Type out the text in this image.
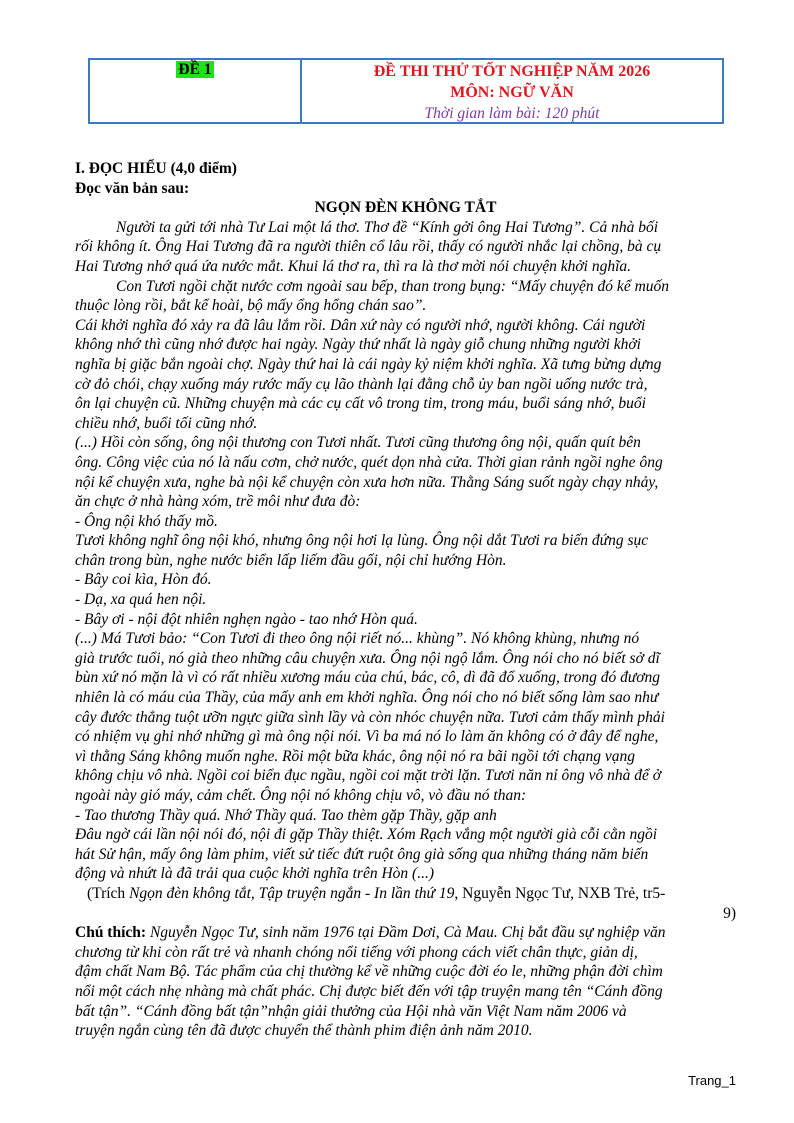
ĐỀ 1	ĐỀ THI THỬ TỐT NGHIỆP NĂM 2026
MÔN: NGỮ VĂN
Thời gian làm bài: 120 phút
I. ĐỌC HIỂU (4,0 điểm)
Đọc văn bản sau:
NGỌN ĐÈN KHÔNG TẮT
Người ta gửi tới nhà Tư Lai một lá thơ. Thơ đề “Kính gởi ông Hai Tương”. Cả nhà bối
rối không ít. Ông Hai Tương đã ra người thiên cổ lâu rồi, thấy có người nhắc lại chồng, bà cụ
Hai Tương nhớ quá ứa nước mắt. Khui lá thơ ra, thì ra là thơ mời nói chuyện khởi nghĩa.
Con Tươi ngồi chặt nước cơm ngoài sau bếp, than trong bụng: “Mấy chuyện đó kể muốn
thuộc lòng rồi, bắt kể hoài, bộ mấy ổng hổng chán sao”.
Cái khởi nghĩa đó xảy ra đã lâu lắm rồi. Dân xứ này có người nhớ, người không. Cái người
không nhớ thì cũng nhớ được hai ngày. Ngày thứ nhất là ngày giỗ chung những người khởi
nghĩa bị giặc bắn ngoài chợ. Ngày thứ hai là cái ngày kỷ niệm khởi nghĩa. Xã tưng bừng dựng
cờ đỏ chói, chạy xuống máy rước mấy cụ lão thành lại đằng chỗ ủy ban ngồi uống nước trà,
ôn lại chuyện cũ. Những chuyện mà các cụ cất vô trong tim, trong máu, buổi sáng nhớ, buổi
chiều nhớ, buổi tối cũng nhớ.
(...) Hồi còn sống, ông nội thương con Tươi nhất. Tươi cũng thương ông nội, quấn quít bên
ông. Công việc của nó là nấu cơm, chở nước, quét dọn nhà cửa. Thời gian rảnh ngồi nghe ông
nội kể chuyện xưa, nghe bà nội kể chuyện còn xưa hơn nữa. Thằng Sáng suốt ngày chạy nhảy,
ăn chực ở nhà hàng xóm, trề môi như đưa đò:
- Ông nội khó thấy mồ.
Tươi không nghĩ ông nội khó, nhưng ông nội hơi lạ lùng. Ông nội dắt Tươi ra biển đứng sục
chân trong bùn, nghe nước biển lấp liếm đầu gối, nội chỉ hướng Hòn.
- Bây coi kìa, Hòn đó.
- Dạ, xa quá hen nội.
- Bây ơi - nội đột nhiên nghẹn ngào - tao nhớ Hòn quá.
(...) Má Tươi bảo: “Con Tươi đi theo ông nội riết nó... khùng”. Nó không khùng, nhưng nó
già trước tuổi, nó già theo những câu chuyện xưa. Ông nội ngộ lắm. Ông nói cho nó biết sở dĩ
bùn xứ nó mặn là vì có rất nhiều xương máu của chú, bác, cô, dì đã đổ xuống, trong đó đương
nhiên là có máu của Thầy, của mấy anh em khởi nghĩa. Ông nói cho nó biết sống làm sao như
cây đước thẳng tuột ưỡn ngực giữa sình lầy và còn nhóc chuyện nữa. Tươi cảm thấy mình phải
có nhiệm vụ ghi nhớ những gì mà ông nội nói. Vì ba má nó lo làm ăn không có ở đây để nghe,
vì thằng Sáng không muốn nghe. Rồi một bữa khác, ông nội nó ra bãi ngồi tới chạng vạng
không chịu vô nhà. Ngồi coi biển đục ngầu, ngồi coi mặt trời lặn. Tươi năn nỉ ông vô nhà để ở
ngoài này gió máy, cảm chết. Ông nội nó không chịu vô, vò đầu nó than:
- Tao thương Thầy quá. Nhớ Thầy quá. Tao thèm gặp Thầy, gặp anh
Đâu ngờ cái lần nội nói đó, nội đi gặp Thầy thiệt. Xóm Rạch vắng một người già cỗi cằn ngồi
hát Sử hận, mấy ông làm phim, viết sử tiếc đứt ruột ông già sống qua những tháng năm biến
động và nhứt là đã trải qua cuộc khởi nghĩa trên Hòn (...)
(Trích Ngọn đèn không tắt, Tập truyện ngắn - In lần thứ 19, Nguyễn Ngọc Tư, NXB Trẻ, tr5-
9)
Chú thích: Nguyễn Ngọc Tư, sinh năm 1976 tại Đầm Dơi, Cà Mau. Chị bắt đầu sự nghiệp văn
chương từ khi còn rất trẻ và nhanh chóng nổi tiếng với phong cách viết chân thực, giản dị,
đậm chất Nam Bộ. Tác phẩm của chị thường kể về những cuộc đời éo le, những phận đời chìm
nổi một cách nhẹ nhàng mà chất phác. Chị được biết đến với tập truyện mang tên “Cánh đồng
bất tận”. “Cánh đồng bất tận”nhận giải thưởng của Hội nhà văn Việt Nam năm 2006 và
truyện ngắn cùng tên đã được chuyển thể thành phim điện ảnh năm 2010.
Trang_1
